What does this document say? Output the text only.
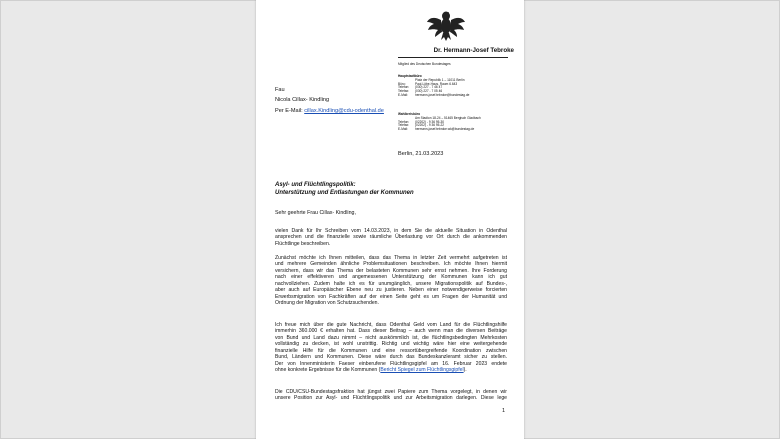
Dr. Hermann-Josef Tebroke
Mitglied des Deutschen Bundestages
Hauptstadtbüro
Platz der Republik 1 – 11011 Berlin
Büro:	Paul-Löbe-Haus, Raum 6.643
Telefon: (030) 227 - 7 46 47
Telefax: (030) 227 - 7 05 46
E-Mail: hermann-josef.tebroke@bundestag.de
Wahlkreisbüro
Am Stadion 18-24 – 51465 Bergisch Gladbach
Telefon: (02202) - 9 36 95-30
Telefax: (02202) - 9 36 95-22
E-Mail: hermann-josef.tebroke.wk@bundestag.de
Fau
Nicola Cillax- Kindling
Per E-Mail: cillax.Kindling@cdu-odenthal.de
Berlin, 21.03.2023
Asyl- und Flüchtlingspolitik:
Unterstützung und Entlastungen der Kommunen
Sehr geehrte Frau Cillax- Kindling,
vielen Dank für Ihr Schreiben vom 14.03.2023, in dem Sie die aktuelle Situation in Odenthal
ansprechen und die finanzielle sowie räumliche Überlastung vor Ort durch die ankommenden
Flüchtlinge beschreiben.
Zunächst möchte ich Ihnen mitteilen, dass das Thema in letzter Zeit vermehrt aufgetreten ist
und mehrere Gemeinden ähnliche Problemsituationen beschreiben. Ich möchte Ihnen hiermit
versichern, dass wir das Thema der belasteten Kommunen sehr ernst nehmen. Ihre Forderung
nach einer effektiveren und angemessenen Unterstützung der Kommunen kann ich gut
nachvollziehen. Zudem halte ich es für unumgänglich, unsere Migrationspolitik auf Bundes-,
aber auch auf Europäischer Ebene neu zu justieren. Neben einer notwendigerweise forcierten
Erwerbsmigration von Fachkräften auf der einen Seite geht es um Fragen der Humanität und
Ordnung der Migration von Schutzsuchenden.
Ich freue mich über die gute Nachricht, dass Odenthal Geld vom Land für die Flüchtlingshilfe
immerhin 360.000 € erhalten hat. Dass dieser Beitrag – auch wenn man die diversen Beiträge
von Bund und Land dazu nimmt – nicht auskömmlich ist, die flüchtlingsbedingten Mehrkosten
vollständig zu decken, ist wohl unstrittig. Richtig und wichtig wäre hier eine weitergehende
finanzielle Hilfe für die Kommunen und eine ressortübergreifende Koordination zwischen
Bund, Ländern und Kommunen. Diese wäre durch das Bundeskanzleramt sicher zu stellen.
Der von Innenministerin Faeser einberufene Flüchtlingsgipfel am 16. Februar 2023 endete
ohne konkrete Ergebnisse für die Kommunen (Bericht Spiegel zum Flüchtlingsgipfel).
Die CDU/CSU-Bundestagsfraktion hat jüngst zwei Papiere zum Thema vorgelegt, in denen wir
unsere Position zur Asyl- und Flüchtlingspolitik und zur Arbeitsmigration darlegen. Diese lege
1
